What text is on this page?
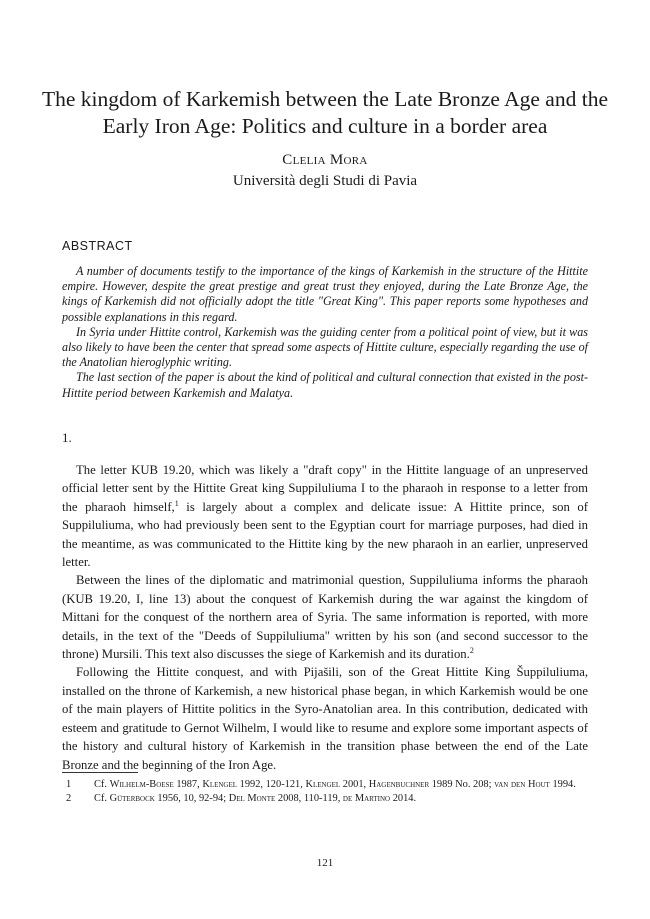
The kingdom of Karkemish between the Late Bronze Age and the
Early Iron Age: Politics and culture in a border area
Clelia Mora
Università degli Studi di Pavia
ABSTRACT

A number of documents testify to the importance of the kings of Karkemish in the structure of the Hittite empire. However, despite the great prestige and great trust they enjoyed, during the Late Bronze Age, the kings of Karkemish did not officially adopt the title "Great King". This paper reports some hypotheses and possible explanations in this regard.

In Syria under Hittite control, Karkemish was the guiding center from a political point of view, but it was also likely to have been the center that spread some aspects of Hittite culture, especially regarding the use of the Anatolian hieroglyphic writing.

The last section of the paper is about the kind of political and cultural connection that existed in the post-Hittite period between Karkemish and Malatya.

1.

The letter KUB 19.20, which was likely a "draft copy" in the Hittite language of an unpreserved official letter sent by the Hittite Great king Suppiluliuma I to the pharaoh in response to a letter from the pharaoh himself,$^1$ is largely about a complex and delicate issue: A Hittite prince, son of Suppiluliuma, who had previously been sent to the Egyptian court for marriage purposes, had died in the meantime, as was communicated to the Hittite king by the new pharaoh in an earlier, unpreserved letter.

Between the lines of the diplomatic and matrimonial question, Suppiluliuma informs the pharaoh (KUB 19.20, I, line 13) about the conquest of Karkemish during the war against the kingdom of Mittani for the conquest of the northern area of Syria. The same information is reported, with more details, in the text of the "Deeds of Suppiluliuma" written by his son (and second successor to the throne) Mursili. This text also discusses the siege of Karkemish and its duration.$^2$

Following the Hittite conquest, and with Pijašili, son of the Great Hittite King Šuppiluliuma, installed on the throne of Karkemish, a new historical phase began, in which Karkemish would be one of the main players of Hittite politics in the Syro-Anatolian area. In this contribution, dedicated with esteem and gratitude to Gernot Wilhelm, I would like to resume and explore some important aspects of the history and cultural history of Karkemish in the transition phase between the end of the Late Bronze and the beginning of the Iron Age.

1 Cf. Wilhelm-Boese 1987, Klengel 1992, 120-121, Klengel 2001, Hagenbuchner 1989 No. 208; van den Hout 1994.

2 Cf. Güterbock 1956, 10, 92-94; Del Monte 2008, 110-119, de Martino 2014.

121
